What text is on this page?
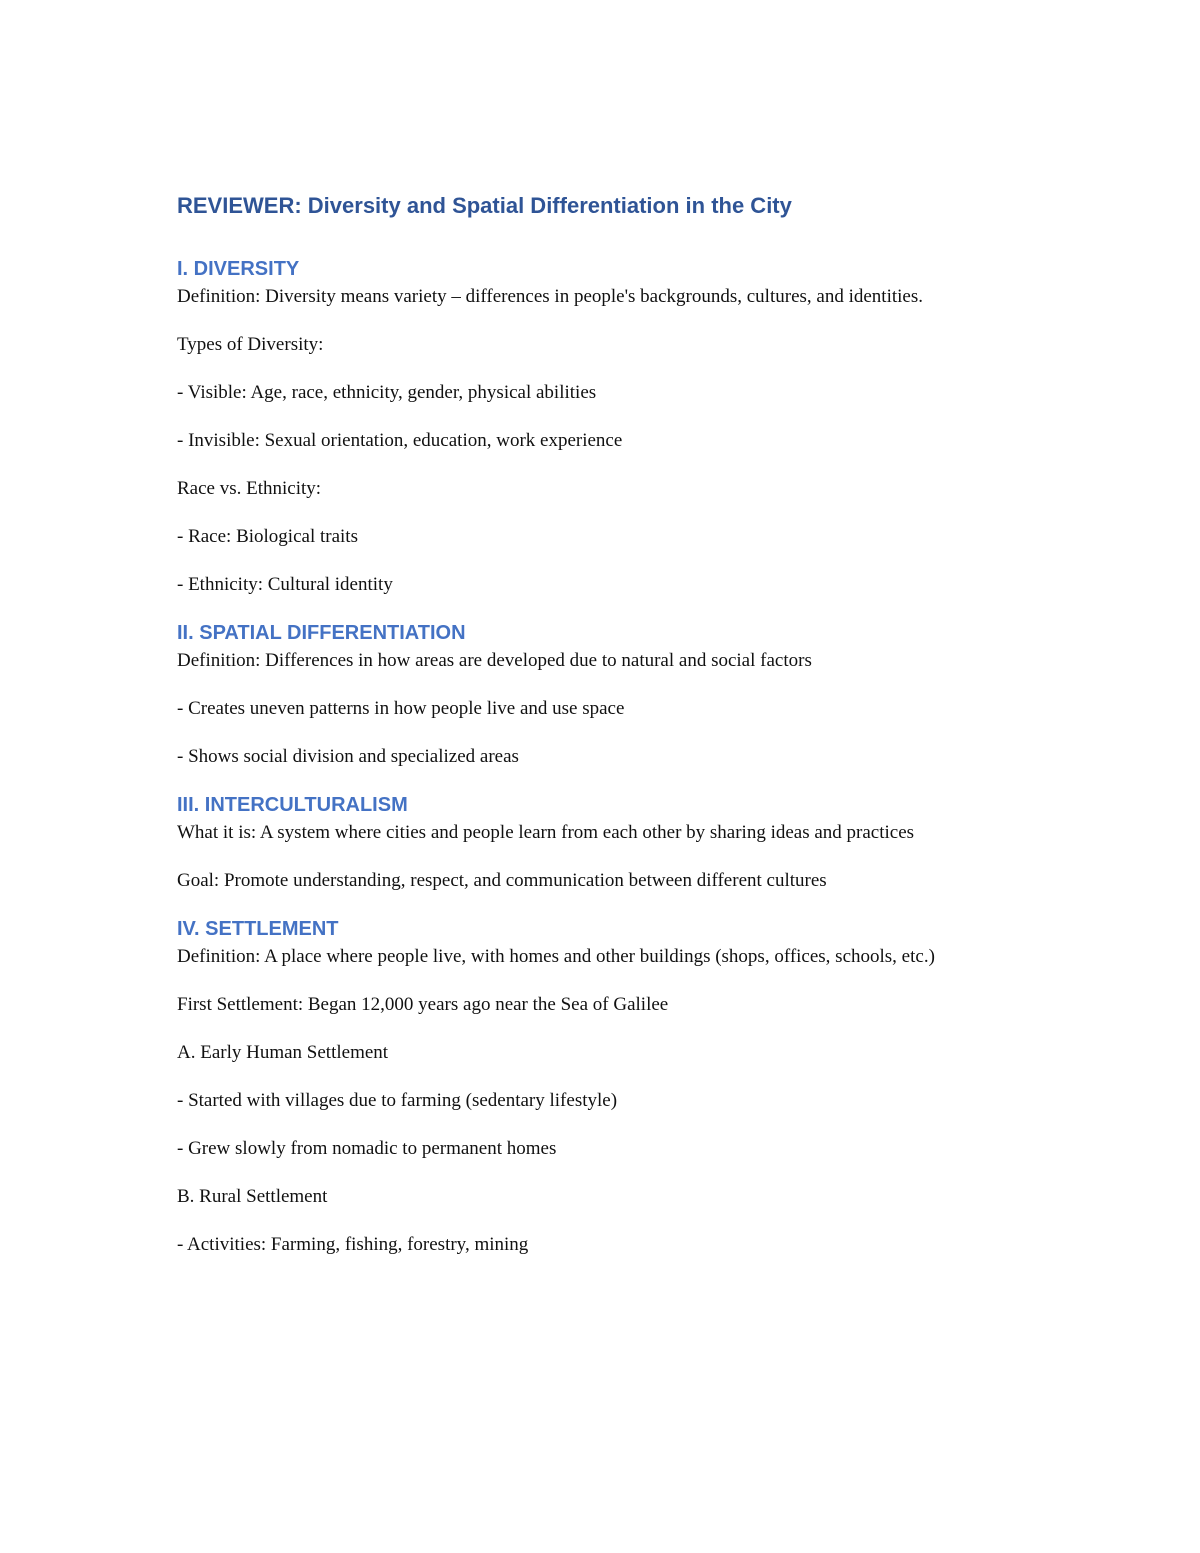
REVIEWER: Diversity and Spatial Differentiation in the City
I. DIVERSITY

Definition: Diversity means variety – differences in people's backgrounds, cultures, and identities.

Types of Diversity:

- Visible: Age, race, ethnicity, gender, physical abilities

- Invisible: Sexual orientation, education, work experience

Race vs. Ethnicity:

- Race: Biological traits

- Ethnicity: Cultural identity

II. SPATIAL DIFFERENTIATION

Definition: Differences in how areas are developed due to natural and social factors

- Creates uneven patterns in how people live and use space

- Shows social division and specialized areas

III. INTERCULTURALISM

What it is: A system where cities and people learn from each other by sharing ideas and practices

Goal: Promote understanding, respect, and communication between different cultures

IV. SETTLEMENT

Definition: A place where people live, with homes and other buildings (shops, offices, schools, etc.)

First Settlement: Began 12,000 years ago near the Sea of Galilee

A. Early Human Settlement

- Started with villages due to farming (sedentary lifestyle)

- Grew slowly from nomadic to permanent homes

B. Rural Settlement

- Activities: Farming, fishing, forestry, mining
